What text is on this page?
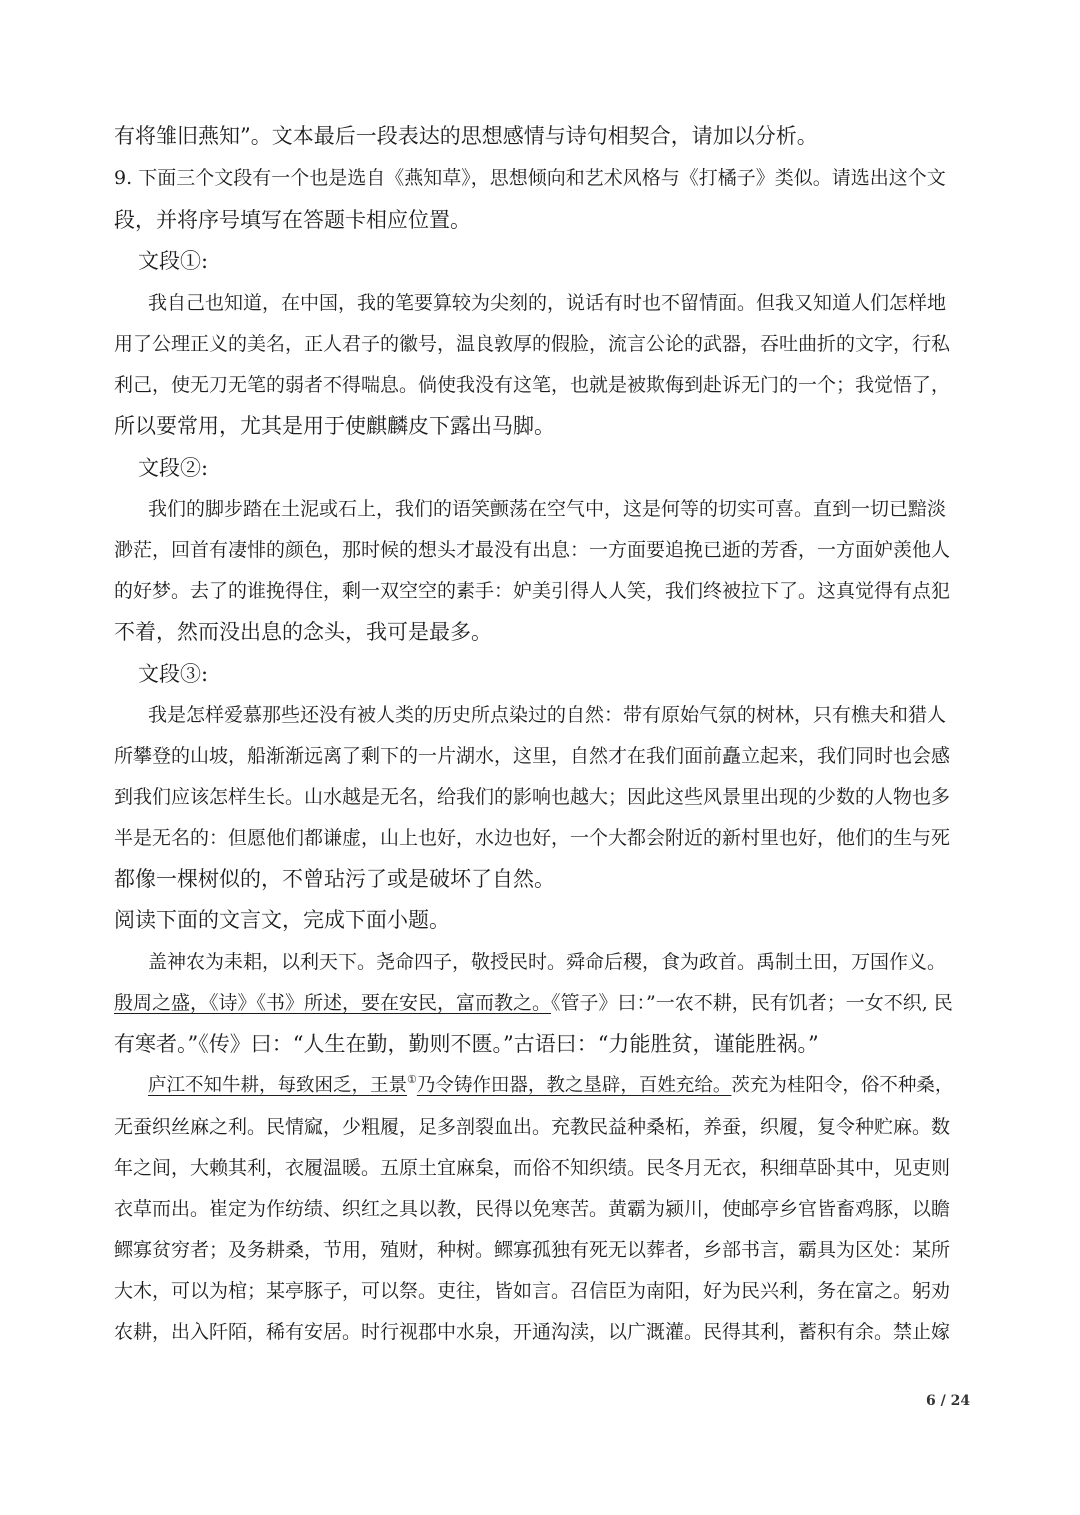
有将雏旧燕知”。文本最后一段表达的思想感情与诗句相契合，请加以分析。
9. 下面三个文段有一个也是选自《燕知草》，思想倾向和艺术风格与《打橘子》类似。请选出这个文
段，并将序号填写在答题卡相应位置。
文段①:
我自己也知道，在中国，我的笔要算较为尖刻的，说话有时也不留情面。但我又知道人们怎样地
用了公理正义的美名，正人君子的徽号，温良敦厚的假脸，流言公论的武器，吞吐曲折的文字，行私
利己，使无刀无笔的弱者不得喘息。倘使我没有这笔，也就是被欺侮到赴诉无门的一个；我觉悟了，
所以要常用，尤其是用于使麒麟皮下露出马脚。
文段②:
我们的脚步踏在土泥或石上，我们的语笑颤荡在空气中，这是何等的切实可喜。直到一切已黯淡
渺茫，回首有凄悱的颜色，那时候的想头才最没有出息：一方面要追挽已逝的芳香，一方面妒羡他人
的好梦。去了的谁挽得住，剩一双空空的素手：妒美引得人人笑，我们终被拉下了。这真觉得有点犯
不着，然而没出息的念头，我可是最多。
文段③:
我是怎样爱慕那些还没有被人类的历史所点染过的自然：带有原始气氛的树林，只有樵夫和猎人
所攀登的山坡，船渐渐远离了剩下的一片湖水，这里，自然才在我们面前矗立起来，我们同时也会感
到我们应该怎样生长。山水越是无名，给我们的影响也越大；因此这些风景里出现的少数的人物也多
半是无名的：但愿他们都谦虚，山上也好，水边也好，一个大都会附近的新村里也好，他们的生与死
都像一棵树似的，不曾玷污了或是破坏了自然。
阅读下面的文言文，完成下面小题。
盖神农为耒耜，以利天下。尧命四子，敬授民时。舜命后稷，食为政首。禹制土田，万国作义。
殷周之盛，《诗》《书》所述，要在安民，富而教之。《管子》曰：”一农不耕，民有饥者；一女不织, 民
有寒者。”《传》曰：“人生在勤，勤则不匮。”古语曰：“力能胜贫，谨能胜祸。”
庐江不知牛耕，每致困乏，王景①乃令铸作田器，教之垦辟，百姓充给。茨充为桂阳令，俗不种桑，
无蚕织丝麻之利。民情窳，少粗履，足多剖裂血出。充教民益种桑柘，养蚕，织履，复令种贮麻。数
年之间，大赖其利，衣履温暖。五原土宜麻枲，而俗不知织绩。民冬月无衣，积细草卧其中，见吏则
衣草而出。崔定为作纺绩、织红之具以教，民得以免寒苦。黄霸为颍川，使邮亭乡官皆畜鸡豚，以瞻
鳏寡贫穷者；及务耕桑，节用，殖财，种树。鳏寡孤独有死无以葬者，乡部书言，霸具为区处：某所
大木，可以为棺；某亭豚子，可以祭。吏往，皆如言。召信臣为南阳，好为民兴利，务在富之。躬劝
农耕，出入阡陌，稀有安居。时行视郡中水泉，开通沟渎，以广溉灌。民得其利，蓄积有余。禁止嫁
6 / 24
